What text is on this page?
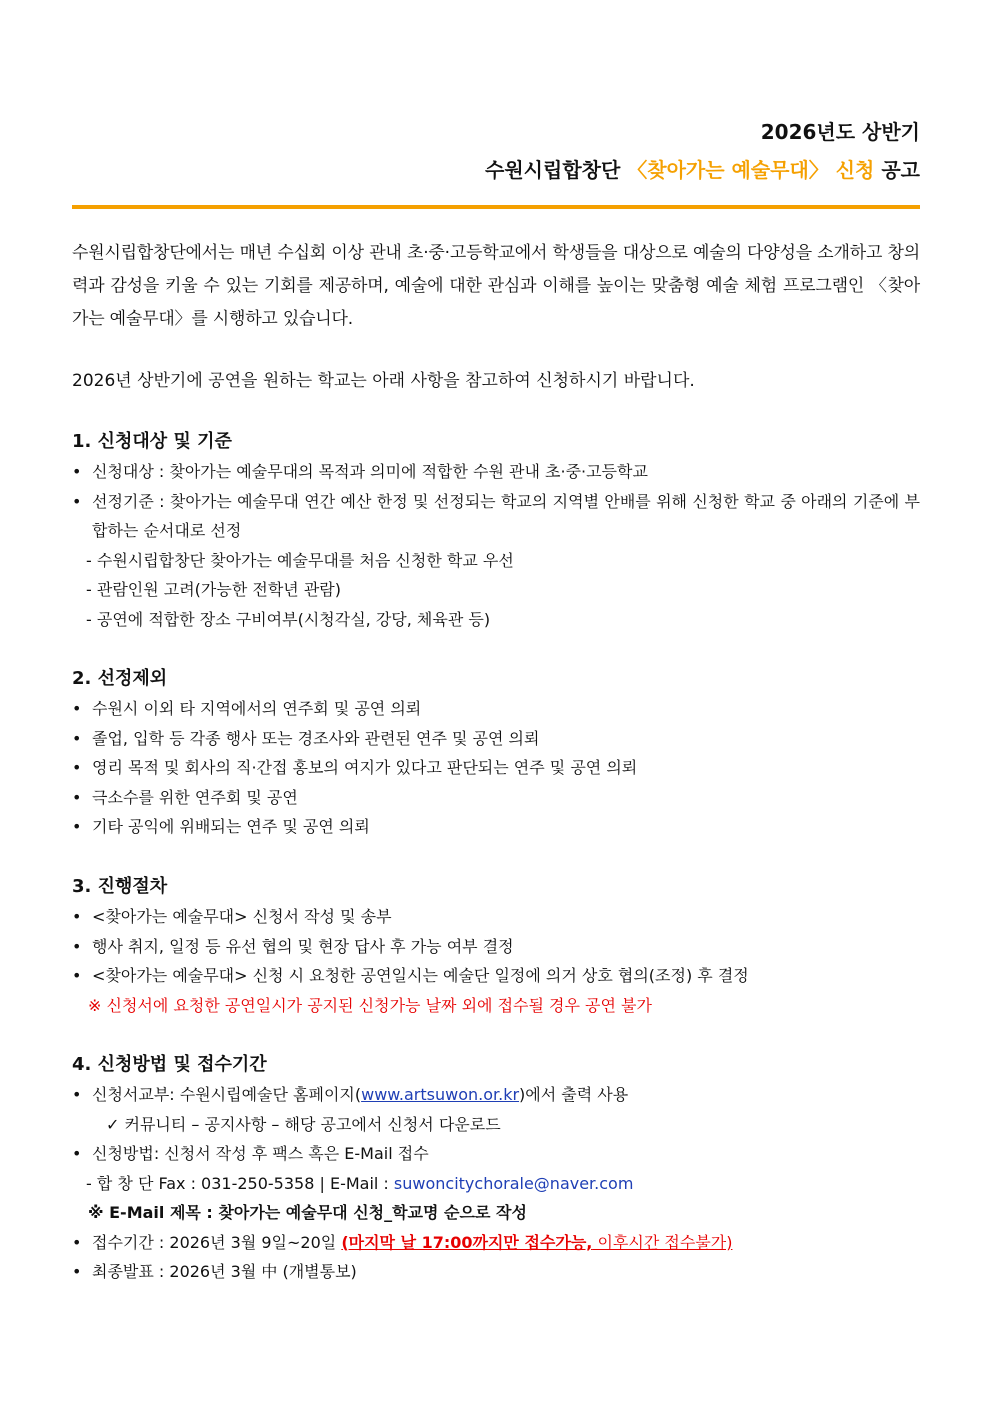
2026년도 상반기
수원시립합창단 〈찾아가는 예술무대〉 신청 공고
수원시립합창단에서는 매년 수십회 이상 관내 초·중·고등학교에서 학생들을 대상으로 예술의 다양성을 소개하고 창의력과 감성을 키울 수 있는 기회를 제공하며, 예술에 대한 관심과 이해를 높이는 맞춤형 예술 체험 프로그램인 〈찾아가는 예술무대〉를 시행하고 있습니다.
2026년 상반기에 공연을 원하는 학교는 아래 사항을 참고하여 신청하시기 바랍니다.
1. 신청대상 및 기준
• 신청대상 : 찾아가는 예술무대의 목적과 의미에 적합한 수원 관내 초·중·고등학교
• 선정기준 : 찾아가는 예술무대 연간 예산 한정 및 선정되는 학교의 지역별 안배를 위해 신청한 학교 중 아래의 기준에 부합하는 순서대로 선정
- 수원시립합창단 찾아가는 예술무대를 처음 신청한 학교 우선
- 관람인원 고려(가능한 전학년 관람)
- 공연에 적합한 장소 구비여부(시청각실, 강당, 체육관 등)
2. 선정제외
• 수원시 이외 타 지역에서의 연주회 및 공연 의뢰
• 졸업, 입학 등 각종 행사 또는 경조사와 관련된 연주 및 공연 의뢰
• 영리 목적 및 회사의 직·간접 홍보의 여지가 있다고 판단되는 연주 및 공연 의뢰
• 극소수를 위한 연주회 및 공연
• 기타 공익에 위배되는 연주 및 공연 의뢰
3. 진행절차
• <찾아가는 예술무대> 신청서 작성 및 송부
• 행사 취지, 일정 등 유선 협의 및 현장 답사 후 가능 여부 결정
• <찾아가는 예술무대> 신청 시 요청한 공연일시는 예술단 일정에 의거 상호 협의(조정) 후 결정
※ 신청서에 요청한 공연일시가 공지된 신청가능 날짜 외에 접수될 경우 공연 불가
4. 신청방법 및 접수기간
• 신청서교부: 수원시립예술단 홈페이지(www.artsuwon.or.kr)에서 출력 사용
✓ 커뮤니티 – 공지사항 – 해당 공고에서 신청서 다운로드
• 신청방법: 신청서 작성 후 팩스 혹은 E-Mail 접수
- 합 창 단 Fax : 031-250-5358 | E-Mail : suwoncitychorale@naver.com
※ E-Mail 제목 : 찾아가는 예술무대 신청_학교명 순으로 작성
• 접수기간 : 2026년 3월 9일~20일 (마지막 날 17:00까지만 접수가능, 이후시간 접수불가)
• 최종발표 : 2026년 3월 中 (개별통보)
